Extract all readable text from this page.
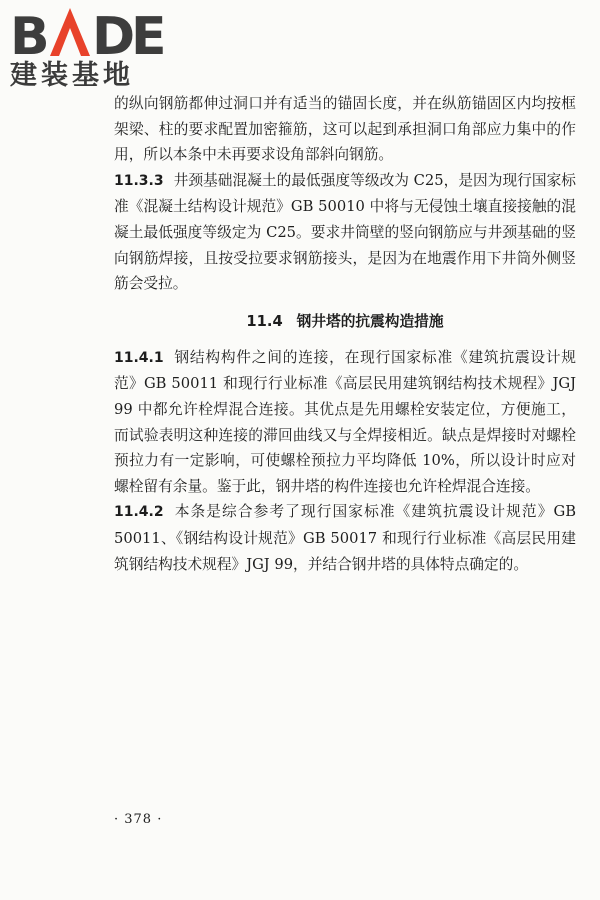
B D
E
建装基地

的纵向钢筋都伸过洞口并有适当的锚固长度，并在纵筋锚固区内均按框架梁、柱的要求配置加密箍筋，这可以起到承担洞口角部应力集中的作用，所以本条中未再要求设角部斜向钢筋。

11.3.3 井颈基础混凝土的最低强度等级改为 C25，是因为现行国家标准《混凝土结构设计规范》GB 50010 中将与无侵蚀土壤直接接触的混凝土最低强度等级定为 C25。要求井筒壁的竖向钢筋应与井颈基础的竖向钢筋焊接，且按受拉要求钢筋接头，是因为在地震作用下井筒外侧竖筋会受拉。

11.4 钢井塔的抗震构造措施

11.4.1 钢结构构件之间的连接，在现行国家标准《建筑抗震设计规范》GB 50011 和现行行业标准《高层民用建筑钢结构技术规程》JGJ 99 中都允许栓焊混合连接。其优点是先用螺栓安装定位，方便施工，而试验表明这种连接的滞回曲线又与全焊接相近。缺点是焊接时对螺栓预拉力有一定影响，可使螺栓预拉力平均降低 10%，所以设计时应对螺栓留有余量。鉴于此，钢井塔的构件连接也允许栓焊混合连接。

11.4.2 本条是综合参考了现行国家标准《建筑抗震设计规范》GB 50011、《钢结构设计规范》GB 50017 和现行行业标准《高层民用建筑钢结构技术规程》JGJ 99，并结合钢井塔的具体特点确定的。

· 378 ·
